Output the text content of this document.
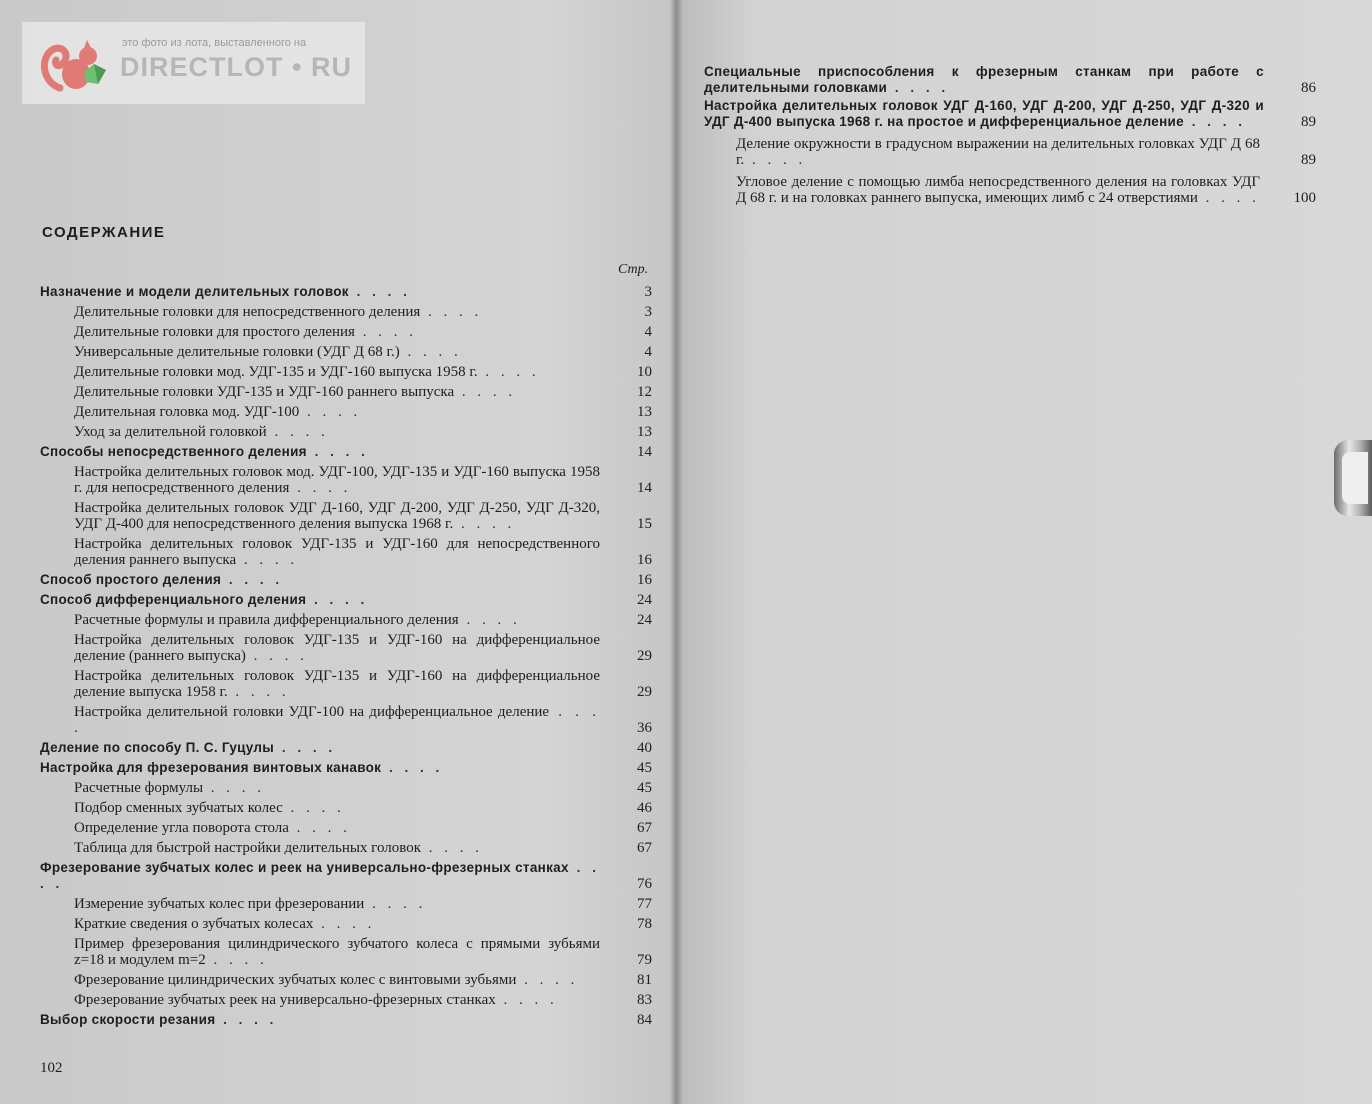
это фото из лота, выставленного на
DIRECTLOT • RU
СОДЕРЖАНИЕ
Стр.
Назначение и модели делительных головок . . . .	3
Делительные головки для непосредственного деления . . . .	3
Делительные головки для простого деления . . . .	4
Универсальные делительные головки (УДГ Д 68 г.) . . . .	4
Делительные головки мод. УДГ-135 и УДГ-160 выпуска 1958 г. . . . .	10
Делительные головки УДГ-135 и УДГ-160 раннего выпуска . . . .	12
Делительная головка мод. УДГ-100 . . . .	13
Уход за делительной головкой . . . .	13
Способы непосредственного деления . . . .	14
Настройка делительных головок мод. УДГ-100, УДГ-135 и УДГ-160 выпуска 1958 г. для непосредственного деления . . . .	14
Настройка делительных головок УДГ Д-160, УДГ Д-200, УДГ Д-250, УДГ Д-320, УДГ Д-400 для непосредственного деления выпуска 1968 г. . . . .	15
Настройка делительных головок УДГ-135 и УДГ-160 для непосредственного деления раннего выпуска . . . .	16
Способ простого деления . . . .	16
Способ дифференциального деления . . . .	24
Расчетные формулы и правила дифференциального деления . . . .	24
Настройка делительных головок УДГ-135 и УДГ-160 на дифференциальное деление (раннего выпуска) . . . .	29
Настройка делительных головок УДГ-135 и УДГ-160 на дифференциальное деление выпуска 1958 г. . . . .	29
Настройка делительной головки УДГ-100 на дифференциальное деление . . . .	36
Деление по способу П. С. Гуцулы . . . .	40
Настройка для фрезерования винтовых канавок . . . .	45
Расчетные формулы . . . .	45
Подбор сменных зубчатых колес . . . .	46
Определение угла поворота стола . . . .	67
Таблица для быстрой настройки делительных головок . . . .	67
Фрезерование зубчатых колес и реек на универсально-фрезерных станках . . . .	76
Измерение зубчатых колес при фрезеровании . . . .	77
Краткие сведения о зубчатых колесах . . . .	78
Пример фрезерования цилиндрического зубчатого колеса с прямыми зубьями z=18 и модулем m=2 . . . .	79
Фрезерование цилиндрических зубчатых колес с винтовыми зубьями . . . .	81
Фрезерование зубчатых реек на универсально-фрезерных станках . . . .	83
Выбор скорости резания . . . .	84
102
Специальные приспособления к фрезерным станкам при работе с делительными головками . . . .	86
Настройка делительных головок УДГ Д-160, УДГ Д-200, УДГ Д-250, УДГ Д-320 и УДГ Д-400 выпуска 1968 г. на простое и дифференциальное деление . . . .	89
Деление окружности в градусном выражении на делительных головках УДГ Д 68 г. . . . .	89
Угловое деление с помощью лимба непосредственного деления на головках УДГ Д 68 г. и на головках раннего выпуска, имеющих лимб с 24 отверстиями . . . . 100
